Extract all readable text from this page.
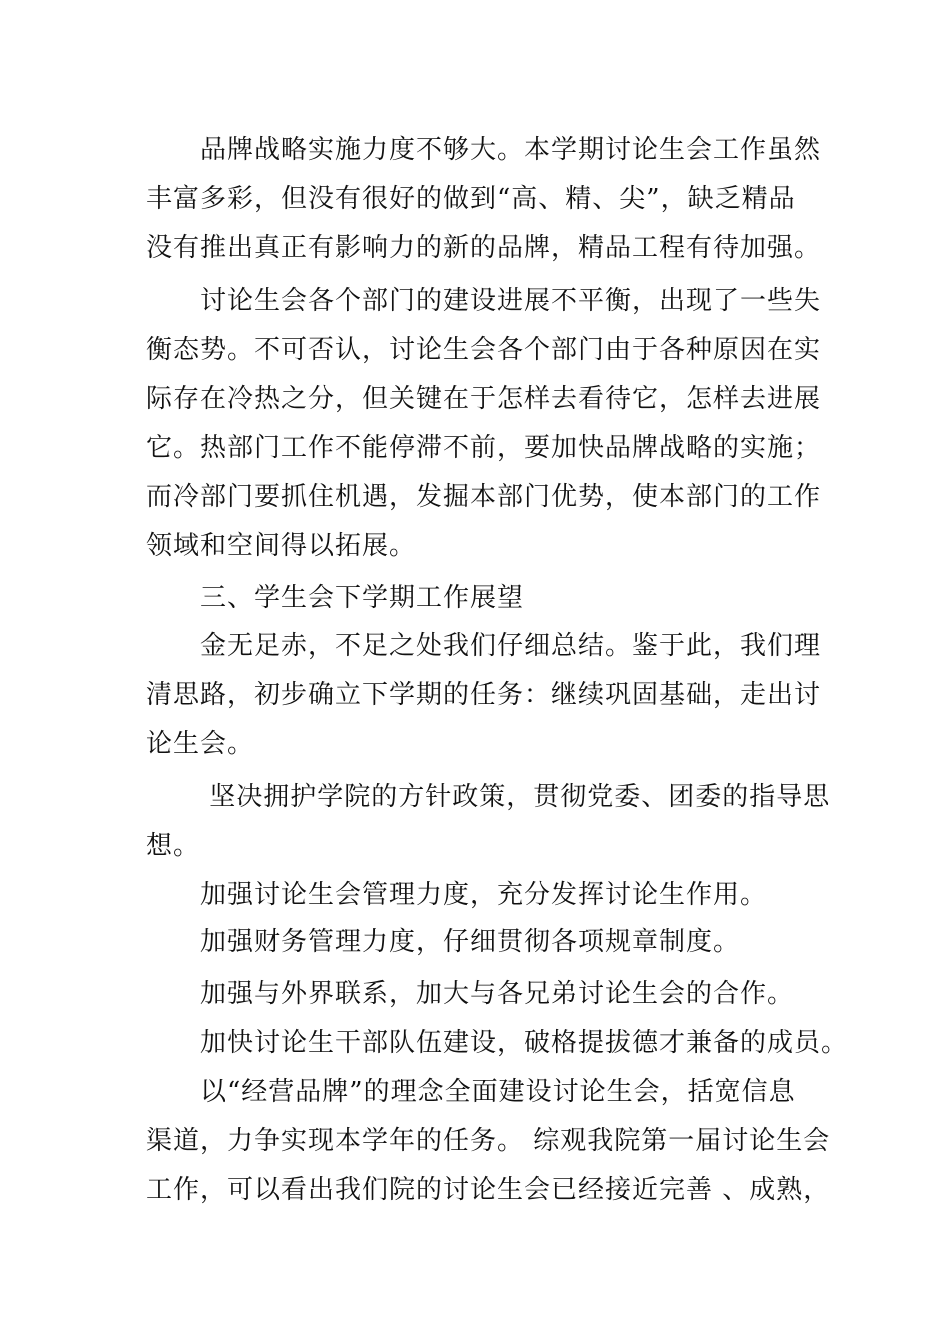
　　品牌战略实施力度不够大。本学期讨论生会工作虽然
丰富多彩，但没有很好的做到“高、精、尖”，缺乏精品
没有推出真正有影响力的新的品牌，精品工程有待加强。
　　讨论生会各个部门的建设进展不平衡，出现了一些失
衡态势。不可否认，讨论生会各个部门由于各种原因在实
际存在冷热之分，但关键在于怎样去看待它，怎样去进展
它。热部门工作不能停滞不前，要加快品牌战略的实施；
而冷部门要抓住机遇，发掘本部门优势，使本部门的工作
领域和空间得以拓展。
　　三、学生会下学期工作展望
　　金无足赤，不足之处我们仔细总结。鉴于此，我们理
清思路，初步确立下学期的任务：继续巩固基础，走出讨
论生会。
　　 坚决拥护学院的方针政策，贯彻党委、团委的指导思
想。
　　加强讨论生会管理力度，充分发挥讨论生作用。
　　加强财务管理力度，仔细贯彻各项规章制度。
　　加强与外界联系，加大与各兄弟讨论生会的合作。
　　加快讨论生干部队伍建设，破格提拔德才兼备的成员。
　　以“经营品牌”的理念全面建设讨论生会，括宽信息
渠道，力争实现本学年的任务。 综观我院第一届讨论生会
工作，可以看出我们院的讨论生会已经接近完善 、成熟，
